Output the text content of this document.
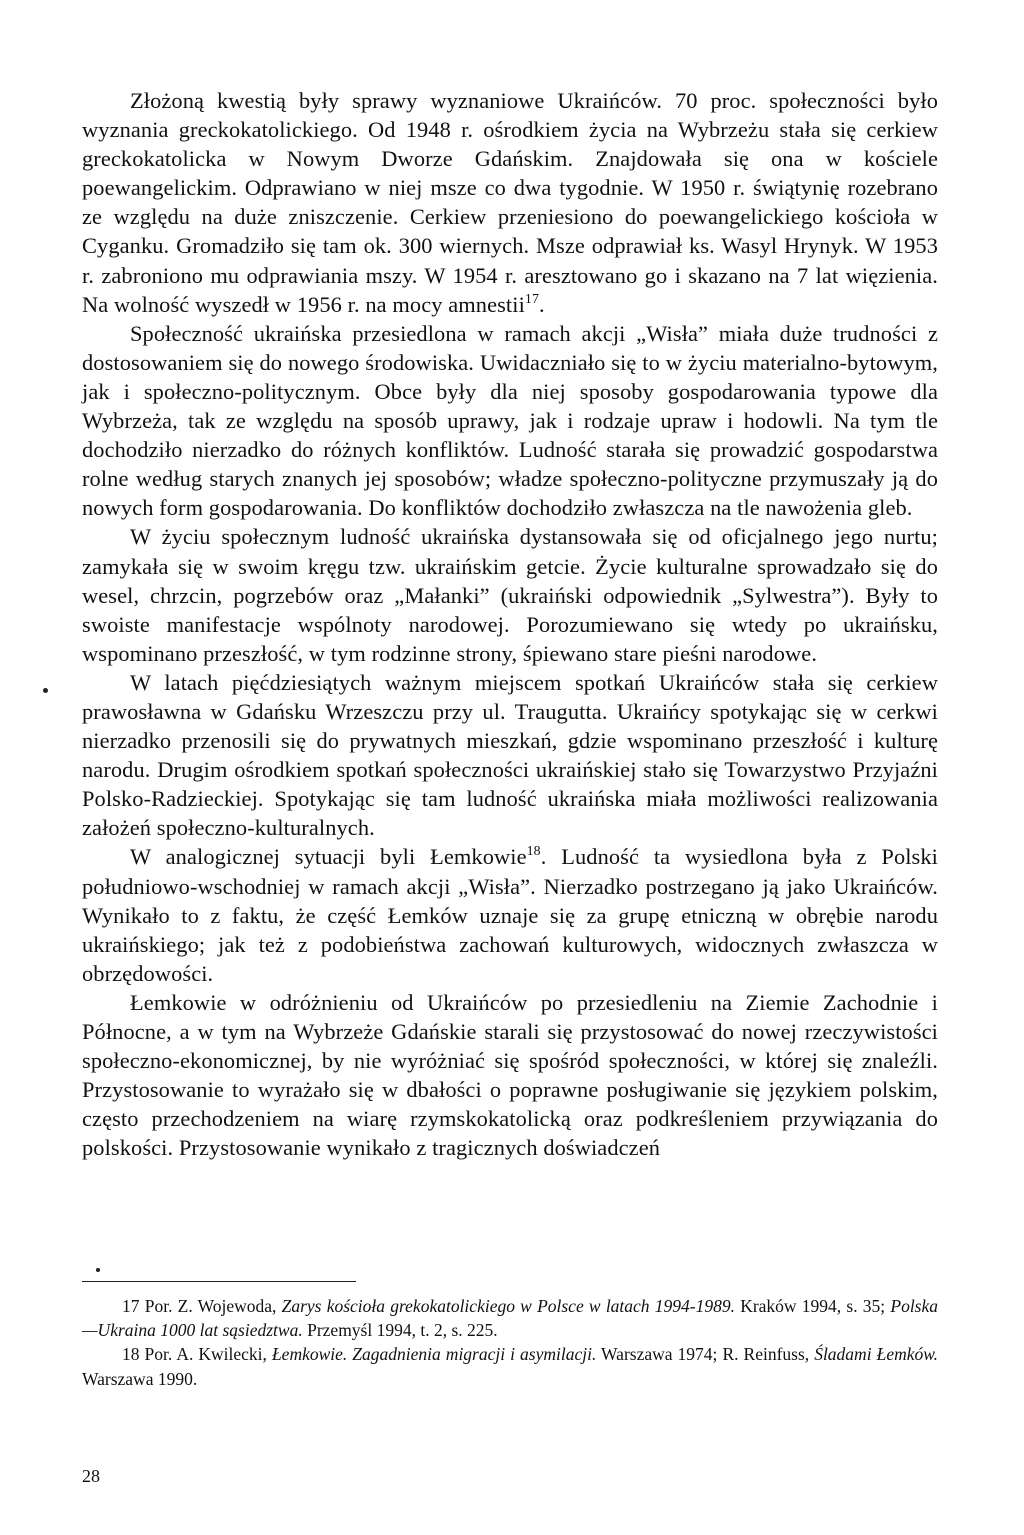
Złożoną kwestią były sprawy wyznaniowe Ukraińców. 70 proc. społeczności było wyznania greckokatolickiego. Od 1948 r. ośrodkiem życia na Wybrzeżu stała się cerkiew greckokatolicka w Nowym Dworze Gdańskim. Znajdowała się ona w kościele poewangelickim. Odprawiano w niej msze co dwa tygodnie. W 1950 r. świątynię rozebrano ze względu na duże zniszczenie. Cerkiew przeniesiono do poewangelickiego kościoła w Cyganku. Gromadziło się tam ok. 300 wiernych. Msze odprawiał ks. Wasyl Hrynyk. W 1953 r. zabroniono mu odprawiania mszy. W 1954 r. aresztowano go i skazano na 7 lat więzienia. Na wolność wyszedł w 1956 r. na mocy amnestii$^{17}$.

Społeczność ukraińska przesiedlona w ramach akcji „Wisła” miała duże trudności z dostosowaniem się do nowego środowiska. Uwidaczniało się to w życiu materialno-bytowym, jak i społeczno-politycznym. Obce były dla niej sposoby gospodarowania typowe dla Wybrzeża, tak ze względu na sposób uprawy, jak i rodzaje upraw i hodowli. Na tym tle dochodziło nierzadko do różnych konfliktów. Ludność starała się prowadzić gospodarstwa rolne według starych znanych jej sposobów; władze społeczno-polityczne przymuszały ją do nowych form gospodarowania. Do konfliktów dochodziło zwłaszcza na tle nawożenia gleb.

W życiu społecznym ludność ukraińska dystansowała się od oficjalnego jego nurtu; zamykała się w swoim kręgu tzw. ukraińskim getcie. Życie kulturalne sprowadzało się do wesel, chrzcin, pogrzebów oraz „Małanki” (ukraiński odpowiednik „Sylwestra”). Były to swoiste manifestacje wspólnoty narodowej. Porozumiewano się wtedy po ukraińsku, wspominano przeszłość, w tym rodzinne strony, śpiewano stare pieśni narodowe.

W latach pięćdziesiątych ważnym miejscem spotkań Ukraińców stała się cerkiew prawosławna w Gdańsku Wrzeszczu przy ul. Traugutta. Ukraińcy spotykając się w cerkwi nierzadko przenosili się do prywatnych mieszkań, gdzie wspominano przeszłość i kulturę narodu. Drugim ośrodkiem spotkań społeczności ukraińskiej stało się Towarzystwo Przyjaźni Polsko-Radzieckiej. Spotykając się tam ludność ukraińska miała możliwości realizowania założeń społeczno-kulturalnych.

W analogicznej sytuacji byli Łemkowie$^{18}$. Ludność ta wysiedlona była z Polski południowo-wschodniej w ramach akcji „Wisła”. Nierzadko postrzegano ją jako Ukraińców. Wynikało to z faktu, że część Łemków uznaje się za grupę etniczną w obrębie narodu ukraińskiego; jak też z podobieństwa zachowań kulturowych, widocznych zwłaszcza w obrzędowości.

Łemkowie w odróżnieniu od Ukraińców po przesiedleniu na Ziemie Zachodnie i Północne, a w tym na Wybrzeże Gdańskie starali się przystosować do nowej rzeczywistości społeczno-ekonomicznej, by nie wyróżniać się spośród społeczności, w której się znaleźli. Przystosowanie to wyrażało się w dbałości o poprawne posługiwanie się językiem polskim, często przechodzeniem na wiarę rzymskokatolicką oraz podkreśleniem przywiązania do polskości. Przystosowanie wynikało z tragicznych doświadczeń

17 Por. Z. Wojewoda, Zarys kościoła grekokatolickiego w Polsce w latach 1994-1989. Kraków 1994, s. 35; Polska—Ukraina 1000 lat sąsiedztwa. Przemyśl 1994, t. 2, s. 225.

18 Por. A. Kwilecki, Łemkowie. Zagadnienia migracji i asymilacji. Warszawa 1974; R. Reinfuss, Śladami Łemków. Warszawa 1990.

28
